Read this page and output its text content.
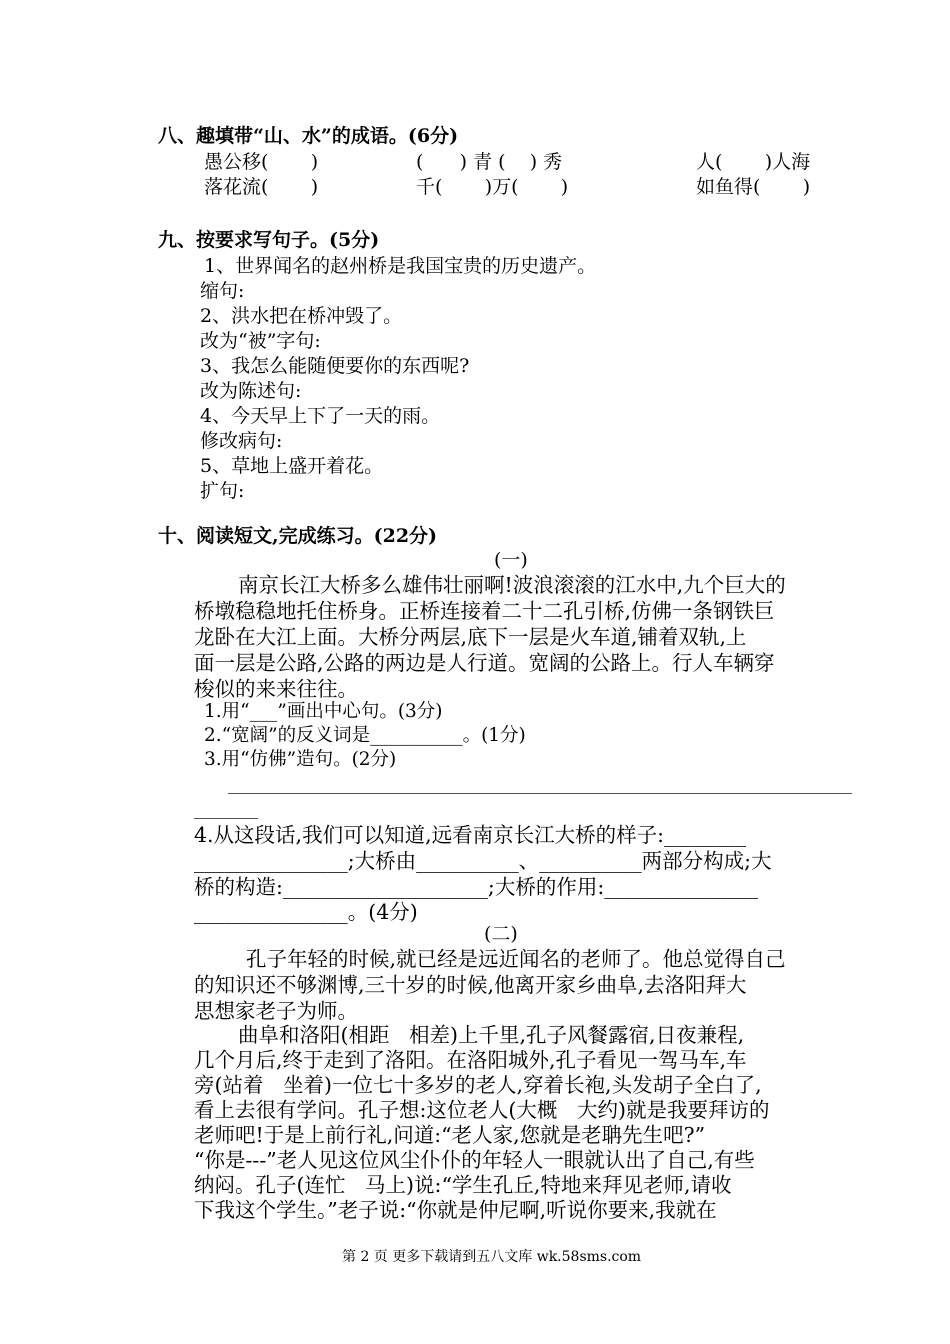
八、趣填带“山、水”的成语。(6分)
愚公移(       )	(      ) 青 (    ) 秀	人(       )人海
落花流(       )	千(       )万(       )	如鱼得(       )
九、按要求写句子。(5分)
1、世界闻名的赵州桥是我国宝贵的历史遗产。
缩句:
2、洪水把在桥冲毁了。
改为“被”字句:
3、我怎么能随便要你的东西呢?
改为陈述句:
4、今天早上下了一天的雨。
修改病句:
5、草地上盛开着花。
扩句:
十、阅读短文,完成练习。(22分)
(一)
南京长江大桥多么雄伟壮丽啊!波浪滚滚的江水中,九个巨大的
桥墩稳稳地托住桥身。正桥连接着二十二孔引桥,仿佛一条钢铁巨
龙卧在大江上面。大桥分两层,底下一层是火车道,铺着双轨,上
面一层是公路,公路的两边是人行道。宽阔的公路上。行人车辆穿
梭似的来来往往。
1.用“___”画出中心句。(3分)
2.“宽阔”的反义词是__________。(1分)
3.用“仿佛”造句。(2分)
4.从这段话,我们可以知道,远看南京长江大桥的样子:________
_______________;大桥由__________、__________两部分构成;大
桥的构造:____________________;大桥的作用:_______________
_______________。(4分)
(二)
孔子年轻的时候,就已经是远近闻名的老师了。他总觉得自己
的知识还不够渊博,三十岁的时候,他离开家乡曲阜,去洛阳拜大
思想家老子为师。
曲阜和洛阳(相距   相差)上千里,孔子风餐露宿,日夜兼程,
几个月后,终于走到了洛阳。在洛阳城外,孔子看见一驾马车,车
旁(站着   坐着)一位七十多岁的老人,穿着长袍,头发胡子全白了,
看上去很有学问。孔子想:这位老人(大概   大约)就是我要拜访的
老师吧!于是上前行礼,问道:“老人家,您就是老聃先生吧?”
“你是---”老人见这位风尘仆仆的年轻人一眼就认出了自己,有些
纳闷。孔子(连忙   马上)说:“学生孔丘,特地来拜见老师,请收
下我这个学生。”老子说:“你就是仲尼啊,听说你要来,我就在
第 2 页 更多下载请到五八文库 wk.58sms.com
